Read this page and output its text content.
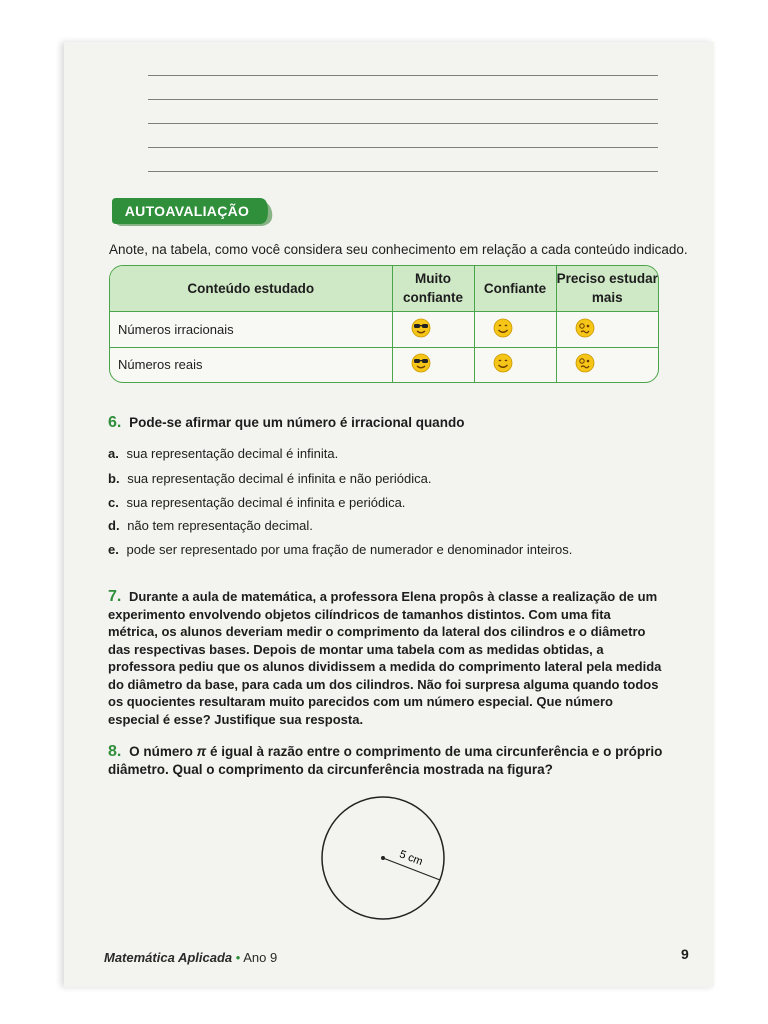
AUTOAVALIAÇÃO
Anote, na tabela, como você considera seu conhecimento em relação a cada conteúdo indicado.
Conteúdo estudado	Muito confiante	Confiante	Preciso estudar mais
Números irracionais			
Números reais			
6. Pode-se afirmar que um número é irracional quando
a. sua representação decimal é infinita.
b. sua representação decimal é infinita e não periódica.
c. sua representação decimal é infinita e periódica.
d. não tem representação decimal.
e. pode ser representado por uma fração de numerador e denominador inteiros.
7. Durante a aula de matemática, a professora Elena propôs à classe a realização de um experimento envolvendo objetos cilíndricos de tamanhos distintos. Com uma fita métrica, os alunos deveriam medir o comprimento da lateral dos cilindros e o diâmetro das respectivas bases. Depois de montar uma tabela com as medidas obtidas, a professora pediu que os alunos dividissem a medida do comprimento lateral pela medida do diâmetro da base, para cada um dos cilindros. Não foi surpresa alguma quando todos os quocientes resultaram muito parecidos com um número especial. Que número especial é esse? Justifique sua resposta.
8. O número π é igual à razão entre o comprimento de uma circunferência e o próprio diâmetro. Qual o comprimento da circunferência mostrada na figura?
5 cm
Matemática Aplicada • Ano 9	9
